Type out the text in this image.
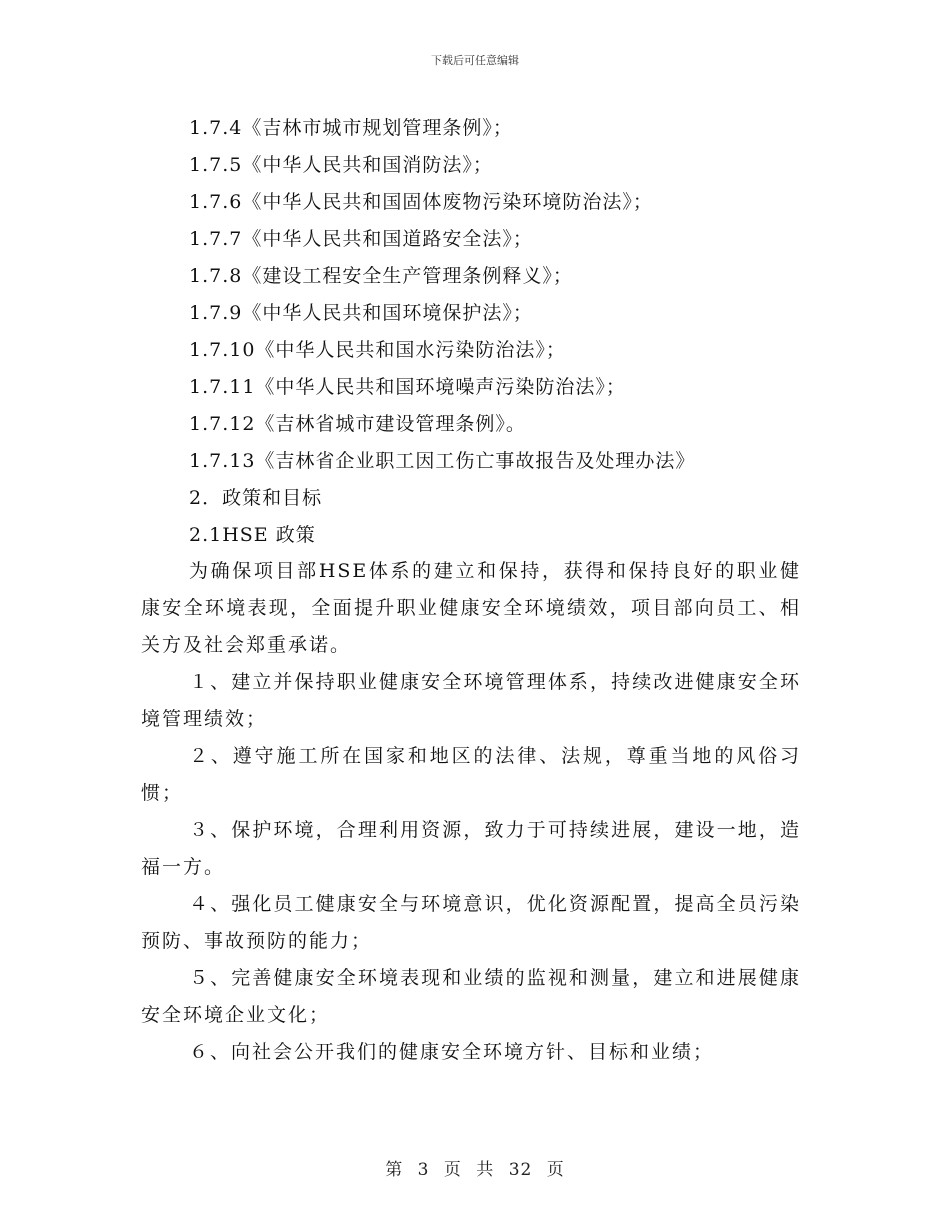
下载后可任意编辑
1.7.4《吉林市城市规划管理条例》；
1.7.5《中华人民共和国消防法》；
1.7.6《中华人民共和国固体废物污染环境防治法》；
1.7.7《中华人民共和国道路安全法》；
1.7.8《建设工程安全生产管理条例释义》；
1.7.9《中华人民共和国环境保护法》；
1.7.10《中华人民共和国水污染防治法》；
1.7.11《中华人民共和国环境噪声污染防治法》；
1.7.12《吉林省城市建设管理条例》。
1.7.13《吉林省企业职工因工伤亡事故报告及处理办法》
2．政策和目标
2.1HSE 政策

为确保项目部HSE体系的建立和保持，获得和保持良好的职业健康安全环境表现，全面提升职业健康安全环境绩效，项目部向员工、相关方及社会郑重承诺。

１、建立并保持职业健康安全环境管理体系，持续改进健康安全环境管理绩效；

２、遵守施工所在国家和地区的法律、法规，尊重当地的风俗习惯；

３、保护环境，合理利用资源，致力于可持续进展，建设一地，造福一方。

４、强化员工健康安全与环境意识，优化资源配置，提高全员污染预防、事故预防的能力；

５、完善健康安全环境表现和业绩的监视和测量，建立和进展健康安全环境企业文化；

６、向社会公开我们的健康安全环境方针、目标和业绩；

第 3 页 共 32 页
